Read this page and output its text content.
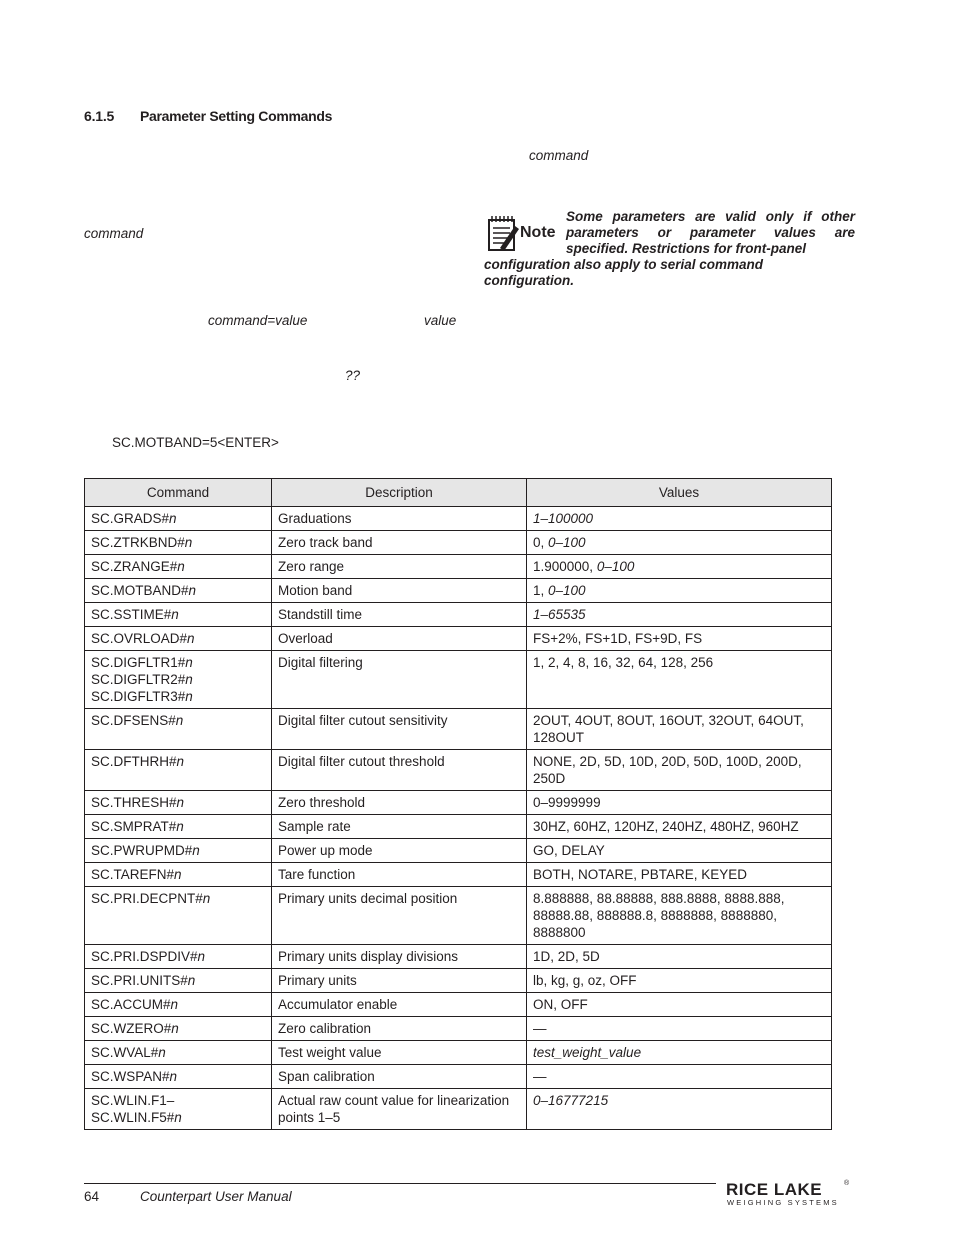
6.1.5 Parameter Setting Commands
command
command
command=value	value
??
SC.MOTBAND=5<ENTER>
Note
Some parameters are valid only if other parameters or parameter values are specified. Restrictions for front-panel
configuration also apply to serial command configuration.
Command	Description	Values

SC.GRADS#n	Graduations	1–100000

SC.ZTRKBND#n	Zero track band	0, 0–100

SC.ZRANGE#n	Zero range	1.900000, 0–100

SC.MOTBAND#n	Motion band	1, 0–100

SC.SSTIME#n	Standstill time	1–65535

SC.OVRLOAD#n	Overload	FS+2%, FS+1D, FS+9D, FS

SC.DIGFLTR1#n
SC.DIGFLTR2#n
SC.DIGFLTR3#n	Digital filtering	1, 2, 4, 8, 16, 32, 64, 128, 256

SC.DFSENS#n	Digital filter cutout sensitivity	2OUT, 4OUT, 8OUT, 16OUT, 32OUT, 64OUT, 128OUT

SC.DFTHRH#n	Digital filter cutout threshold	NONE, 2D, 5D, 10D, 20D, 50D, 100D, 200D, 250D

SC.THRESH#n	Zero threshold	0–9999999

SC.SMPRAT#n	Sample rate	30HZ, 60HZ, 120HZ, 240HZ, 480HZ, 960HZ

SC.PWRUPMD#n	Power up mode	GO, DELAY

SC.TAREFN#n	Tare function	BOTH, NOTARE, PBTARE, KEYED

SC.PRI.DECPNT#n	Primary units decimal position	8.888888, 88.88888, 888.8888, 8888.888, 88888.88, 888888.8, 8888888, 8888880, 8888800

SC.PRI.DSPDIV#n	Primary units display divisions	1D, 2D, 5D

SC.PRI.UNITS#n	Primary units	lb, kg, g, oz, OFF

SC.ACCUM#n	Accumulator enable	ON, OFF

SC.WZERO#n	Zero calibration	—

SC.WVAL#n	Test weight value	test_weight_value

SC.WSPAN#n	Span calibration	—

SC.WLIN.F1–
SC.WLIN.F5#n	Actual raw count value for linearization points 1–5	0–16777215
64	Counterpart User Manual	RICE LAKE	®
WEIGHING SYSTEMS
